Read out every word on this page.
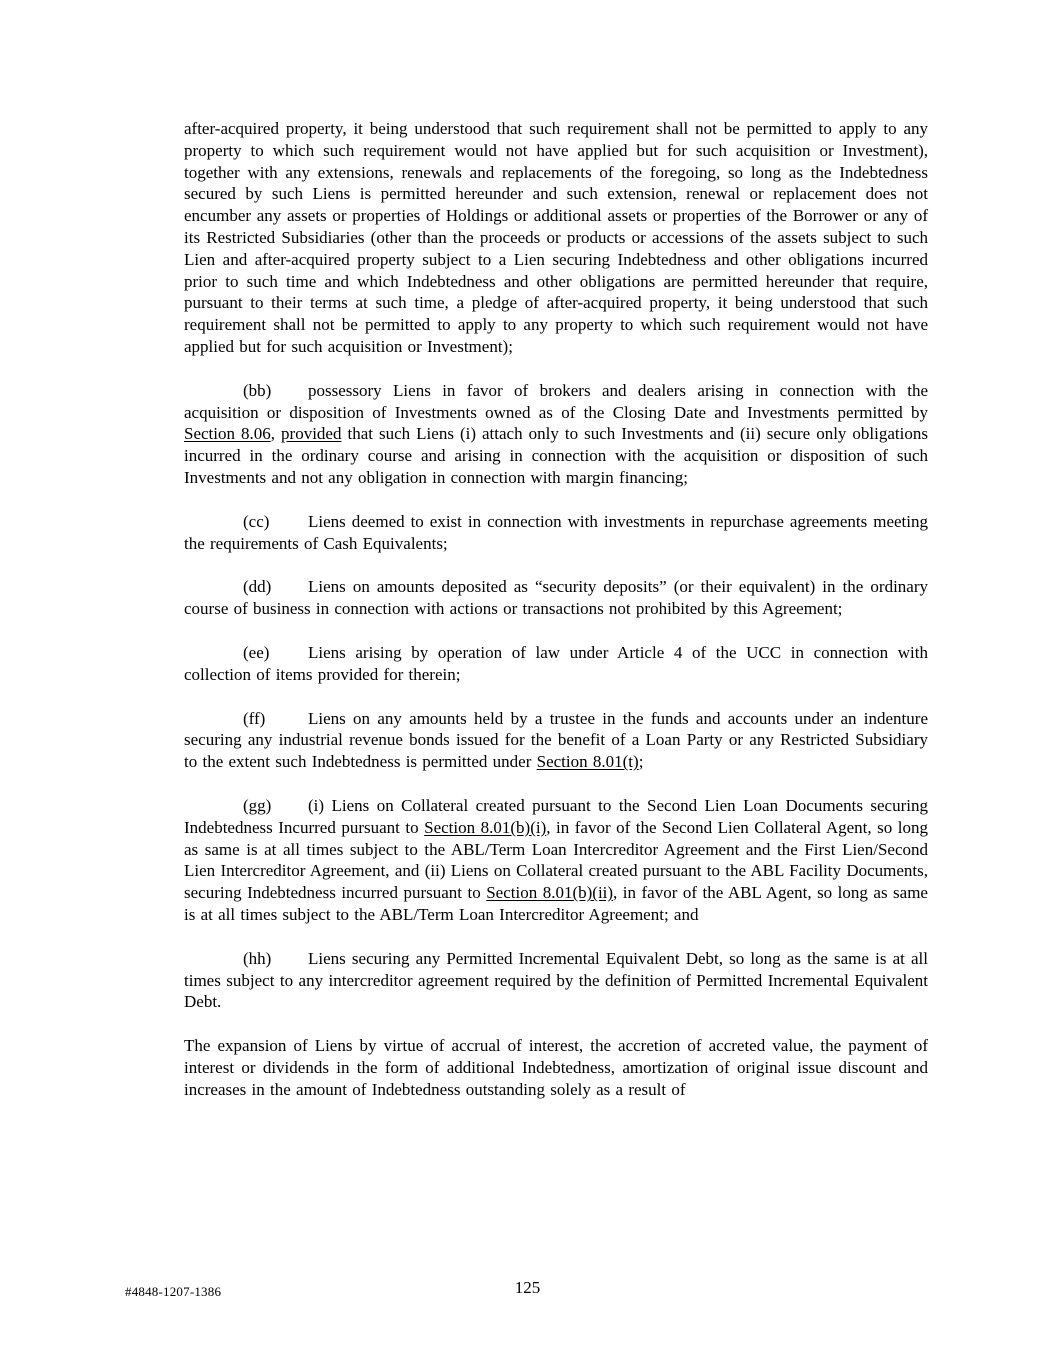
after-acquired property, it being understood that such requirement shall not be permitted to apply to any property to which such requirement would not have applied but for such acquisition or Investment), together with any extensions, renewals and replacements of the foregoing, so long as the Indebtedness secured by such Liens is permitted hereunder and such extension, renewal or replacement does not encumber any assets or properties of Holdings or additional assets or properties of the Borrower or any of its Restricted Subsidiaries (other than the proceeds or products or accessions of the assets subject to such Lien and after-acquired property subject to a Lien securing Indebtedness and other obligations incurred prior to such time and which Indebtedness and other obligations are permitted hereunder that require, pursuant to their terms at such time, a pledge of after-acquired property, it being understood that such requirement shall not be permitted to apply to any property to which such requirement would not have applied but for such acquisition or Investment);

(bb) possessory Liens in favor of brokers and dealers arising in connection with the acquisition or disposition of Investments owned as of the Closing Date and Investments permitted by Section 8.06, provided that such Liens (i) attach only to such Investments and (ii) secure only obligations incurred in the ordinary course and arising in connection with the acquisition or disposition of such Investments and not any obligation in connection with margin financing;

(cc) Liens deemed to exist in connection with investments in repurchase agreements meeting the requirements of Cash Equivalents;

(dd) Liens on amounts deposited as “security deposits” (or their equivalent) in the ordinary course of business in connection with actions or transactions not prohibited by this Agreement;

(ee) Liens arising by operation of law under Article 4 of the UCC in connection with collection of items provided for therein;

(ff)	Liens on any amounts held by a trustee in the funds and accounts under an indenture securing any industrial revenue bonds issued for the benefit of a Loan Party or any Restricted Subsidiary to the extent such Indebtedness is permitted under Section 8.01(t);

(gg) (i) Liens on Collateral created pursuant to the Second Lien Loan Documents securing Indebtedness Incurred pursuant to Section 8.01(b)(i), in favor of the Second Lien Collateral Agent, so long as same is at all times subject to the ABL/Term Loan Intercreditor Agreement and the First Lien/Second Lien Intercreditor Agreement, and (ii) Liens on Collateral created pursuant to the ABL Facility Documents, securing Indebtedness incurred pursuant to Section 8.01(b)(ii), in favor of the ABL Agent, so long as same is at all times subject to the ABL/Term Loan Intercreditor Agreement; and

(hh) Liens securing any Permitted Incremental Equivalent Debt, so long as the same is at all times subject to any intercreditor agreement required by the definition of Permitted Incremental Equivalent Debt.

The expansion of Liens by virtue of accrual of interest, the accretion of accreted value, the payment of interest or dividends in the form of additional Indebtedness, amortization of original issue discount and increases in the amount of Indebtedness outstanding solely as a result of

#4848-1207-1386	125
